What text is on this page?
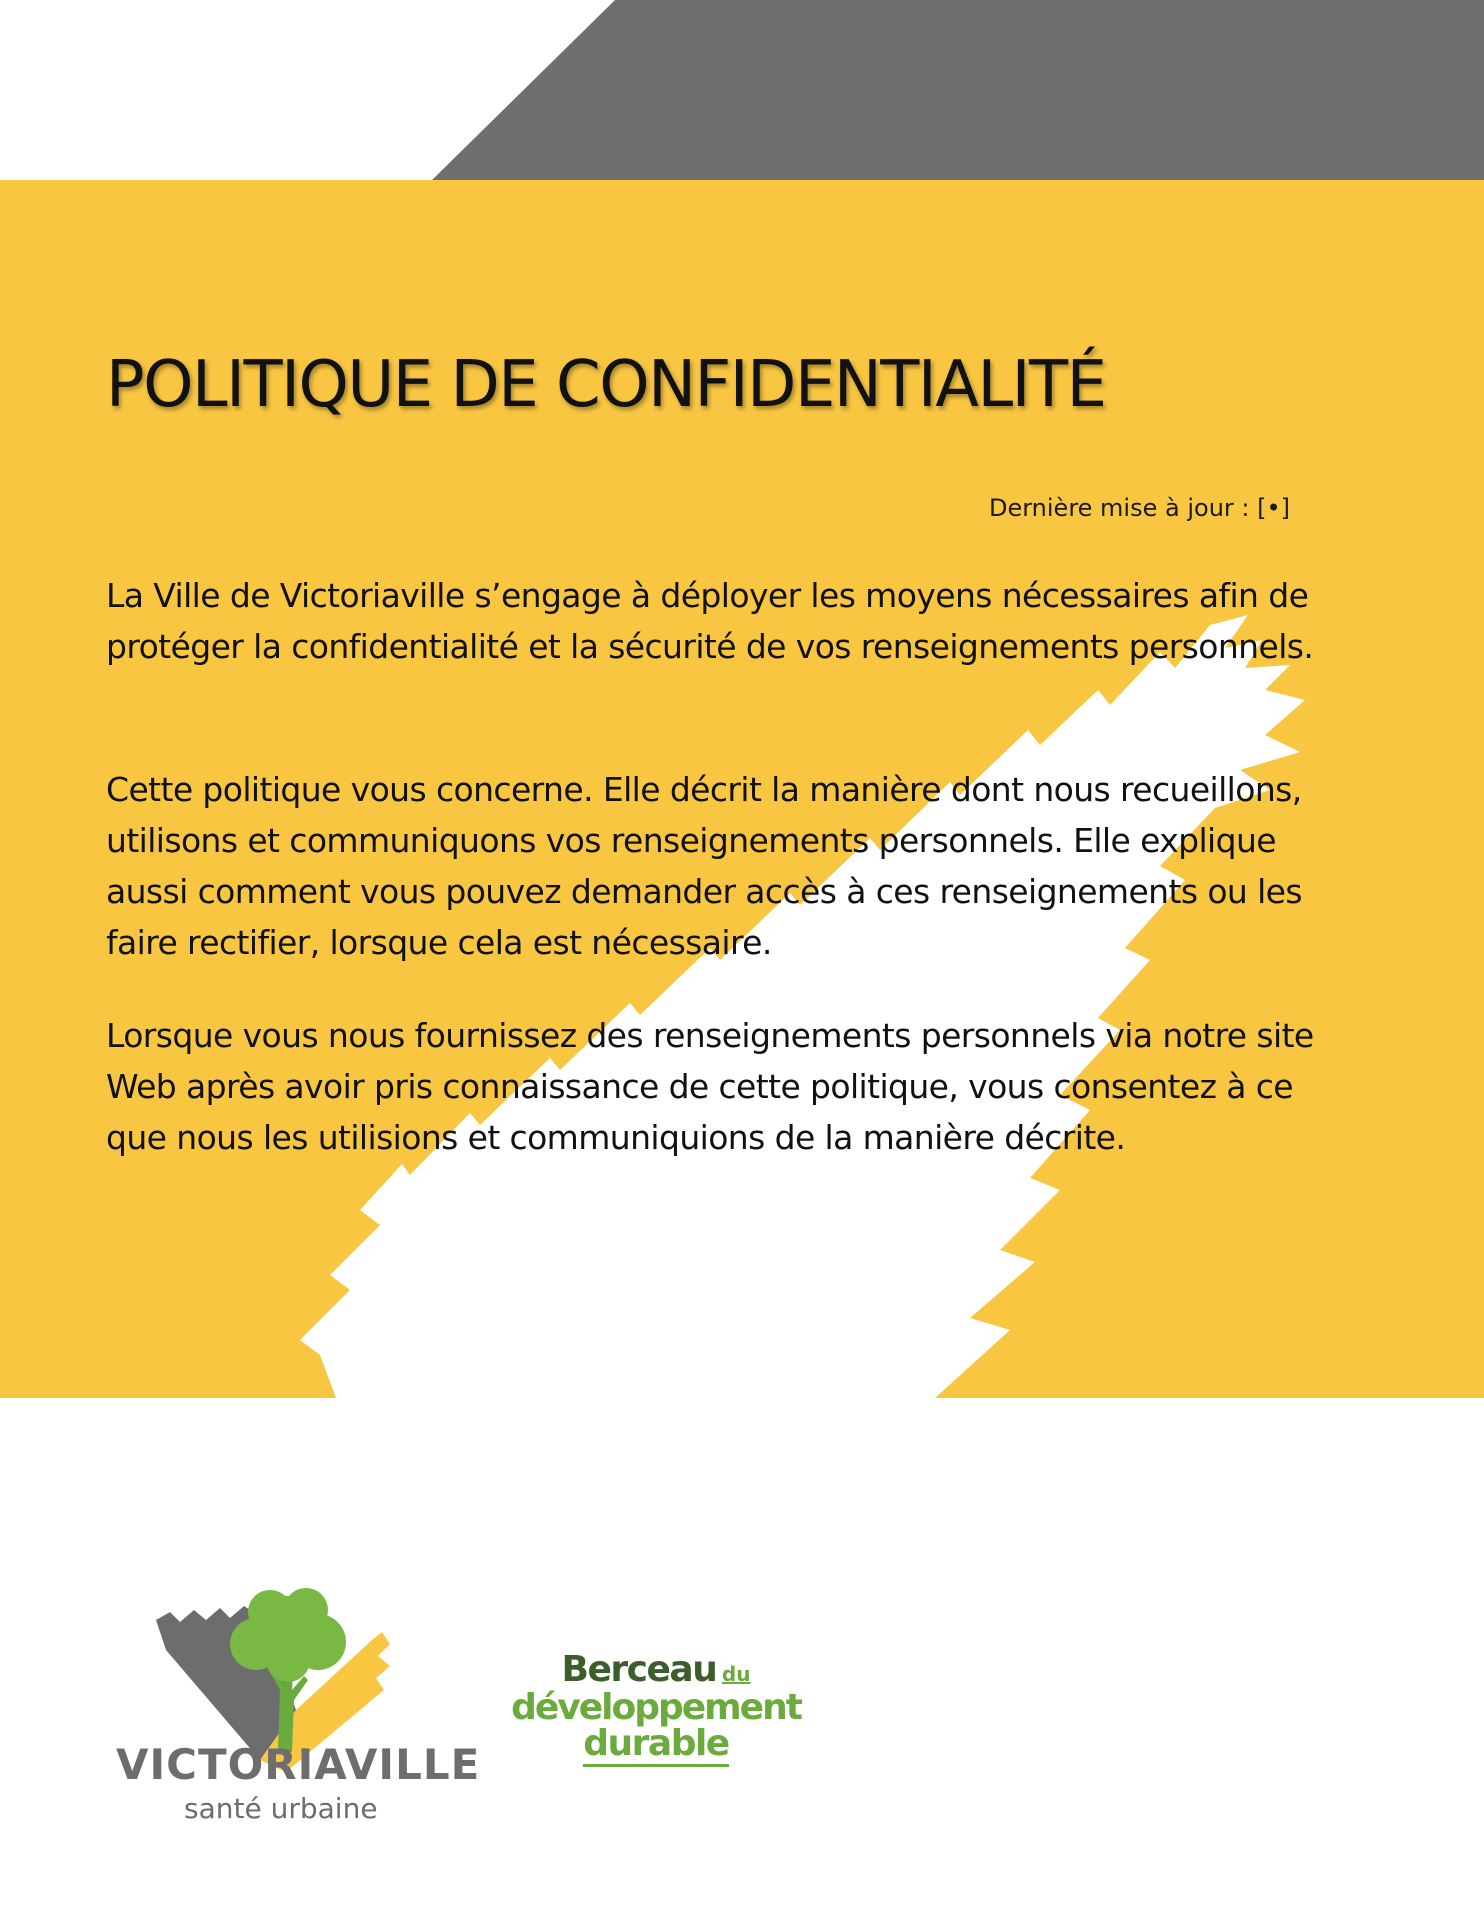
POLITIQUE DE CONFIDENTIALITÉ
Dernière mise à jour : [•]

La Ville de Victoriaville s’engage à déployer les moyens nécessaires afin de protéger la confidentialité et la sécurité de vos renseignements personnels.

Cette politique vous concerne. Elle décrit la manière dont nous recueillons, utilisons et communiquons vos renseignements personnels. Elle explique aussi comment vous pouvez demander accès à ces renseignements ou les faire rectifier, lorsque cela est nécessaire.

Lorsque vous nous fournissez des renseignements personnels via notre site Web après avoir pris connaissance de cette politique, vous consentez à ce que nous les utilisions et communiquions de la manière décrite.

VICTORIAVILLE
santé urbaine
Berceau du
développement
durable
